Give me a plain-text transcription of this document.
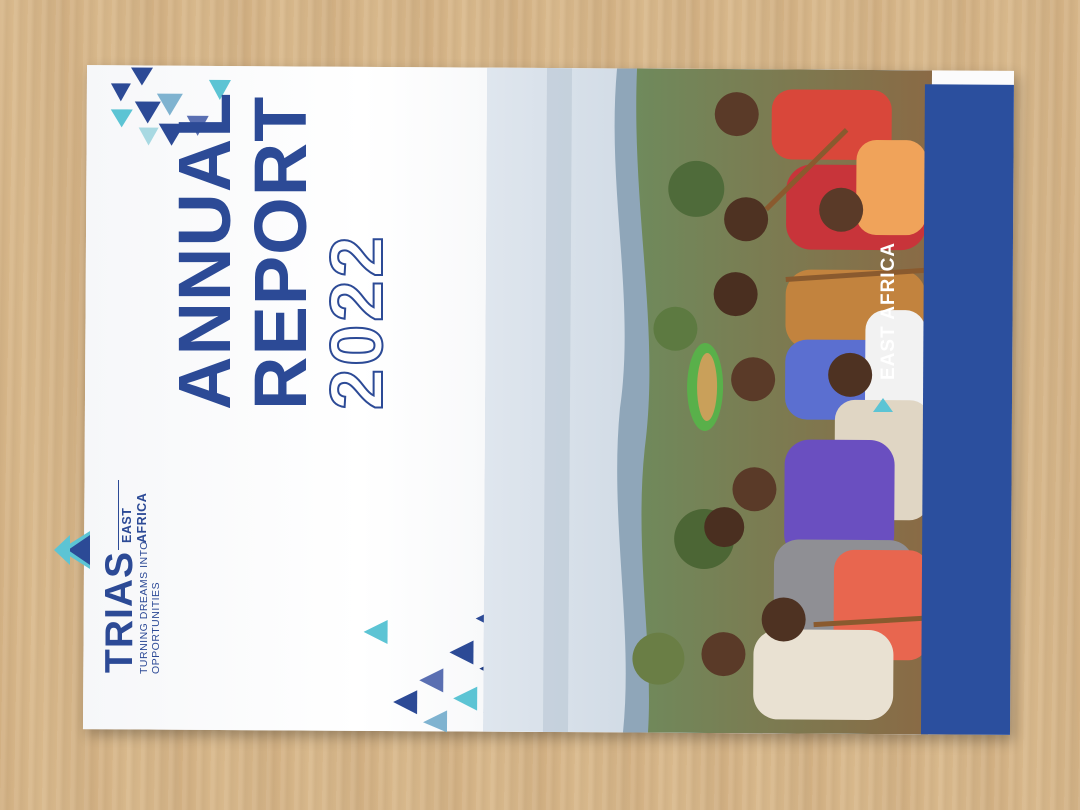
ANNUAL
REPORT
2022	EAST AFRICA
TRIAS
TURNING DREAMS INTO OPPORTUNITIES
EAST AFRICA
